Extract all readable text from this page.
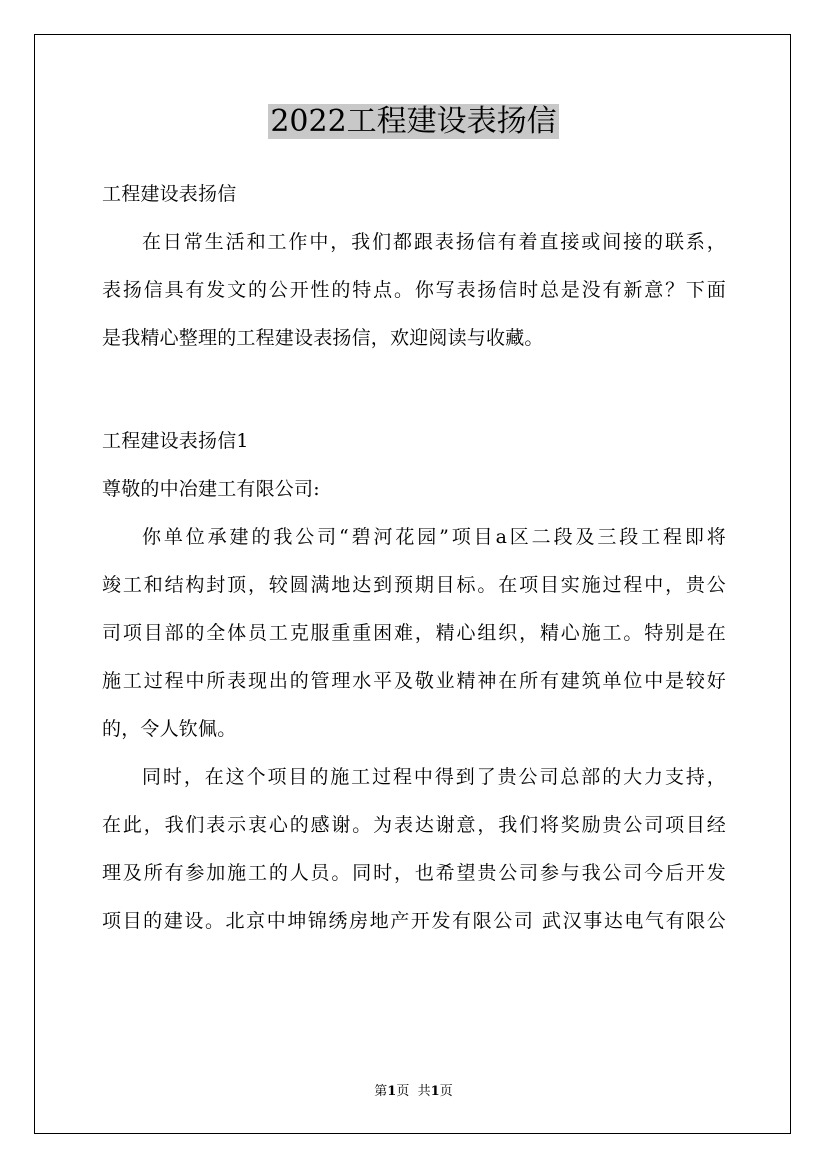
2022工程建设表扬信
工程建设表扬信
在日常生活和工作中，我们都跟表扬信有着直接或间接的联系，
表扬信具有发文的公开性的特点。你写表扬信时总是没有新意？下面
是我精心整理的工程建设表扬信，欢迎阅读与收藏。
工程建设表扬信1
尊敬的中冶建工有限公司:
你单位承建的我公司“碧河花园”项目a区二段及三段工程即将
竣工和结构封顶，较圆满地达到预期目标。在项目实施过程中，贵公
司项目部的全体员工克服重重困难，精心组织，精心施工。特别是在
施工过程中所表现出的管理水平及敬业精神在所有建筑单位中是较好
的，令人钦佩。
同时，在这个项目的施工过程中得到了贵公司总部的大力支持，
在此，我们表示衷心的感谢。为表达谢意，我们将奖励贵公司项目经
理及所有参加施工的人员。同时，也希望贵公司参与我公司今后开发
项目的建设。北京中坤锦绣房地产开发有限公司 武汉事达电气有限公
第1页 共1页
